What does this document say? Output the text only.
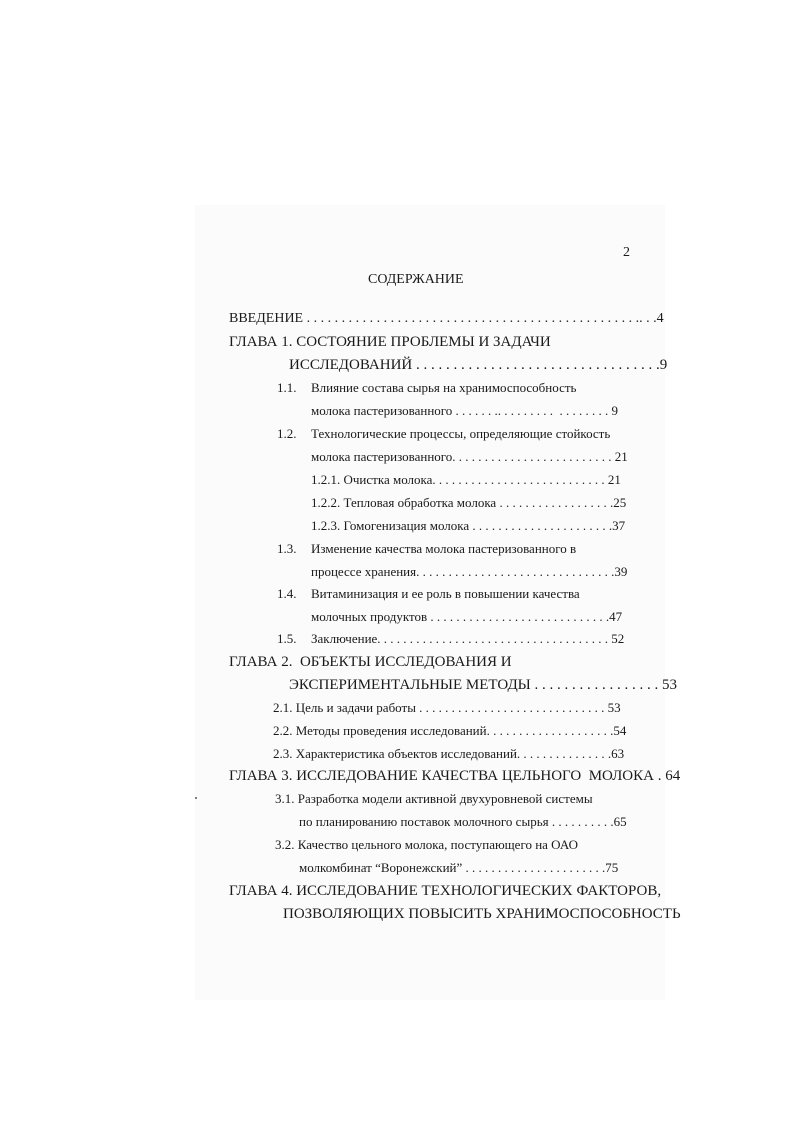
2
СОДЕРЖАНИЕ
ВВЕДЕНИЕ . . . . . . . . . . . . . . . . . . . . . . . . . . . . . . . . . . . . . . . . . . . . . . . .. . .4
ГЛАВА 1. СОСТОЯНИЕ ПРОБЛЕМЫ И ЗАДАЧИ
ИССЛЕДОВАНИЙ . . . . . . . . . . . . . . . . . . . . . . . . . . . . . . . . .9
1.1. Влияние состава сырья на хранимоспособность
молока пастеризованного . . . . . . .. . . . . . . . .  . . . . . . . . 9
1.2. Технологические процессы, определяющие стойкость
молока пастеризованного. . . . . . . . . . . . . . . . . . . . . . . . . 21
1.2.1. Очистка молока. . . . . . . . . . . . . . . . . . . . . . . . . . . 21
1.2.2. Тепловая обработка молока . . . . . . . . . . . . . . . . . .25
1.2.3. Гомогенизация молока . . . . . . . . . . . . . . . . . . . . . .37
1.3. Изменение качества молока пастеризованного в
процессе хранения. . . . . . . . . . . . . . . . . . . . . . . . . . . . . . .39
1.4. Витаминизация и ее роль в повышении качества
молочных продуктов . . . . . . . . . . . . . . . . . . . . . . . . . . . .47
1.5. Заключение. . . . . . . . . . . . . . . . . . . . . . . . . . . . . . . . . . . . 52
ГЛАВА 2.  ОБЪЕКТЫ ИССЛЕДОВАНИЯ И
ЭКСПЕРИМЕНТАЛЬНЫЕ МЕТОДЫ . . . . . . . . . . . . . . . . . 53
2.1. Цель и задачи работы . . . . . . . . . . . . . . . . . . . . . . . . . . . . . 53
2.2. Методы проведения исследований. . . . . . . . . . . . . . . . . . . .54
2.3. Характеристика объектов исследований. . . . . . . . . . . . . . .63
ГЛАВА 3. ИССЛЕДОВАНИЕ КАЧЕСТВА ЦЕЛЬНОГО  МОЛОКА . 64
3.1. Разработка модели активной двухуровневой системы
по планированию поставок молочного сырья . . . . . . . . . .65
3.2. Качество цельного молока, поступающего на ОАО
молкомбинат “Воронежский” . . . . . . . . . . . . . . . . . . . . . .75
ГЛАВА 4. ИССЛЕДОВАНИЕ ТЕХНОЛОГИЧЕСКИХ ФАКТОРОВ,
ПОЗВОЛЯЮЩИХ ПОВЫСИТЬ ХРАНИМОСПОСОБНОСТЬ
